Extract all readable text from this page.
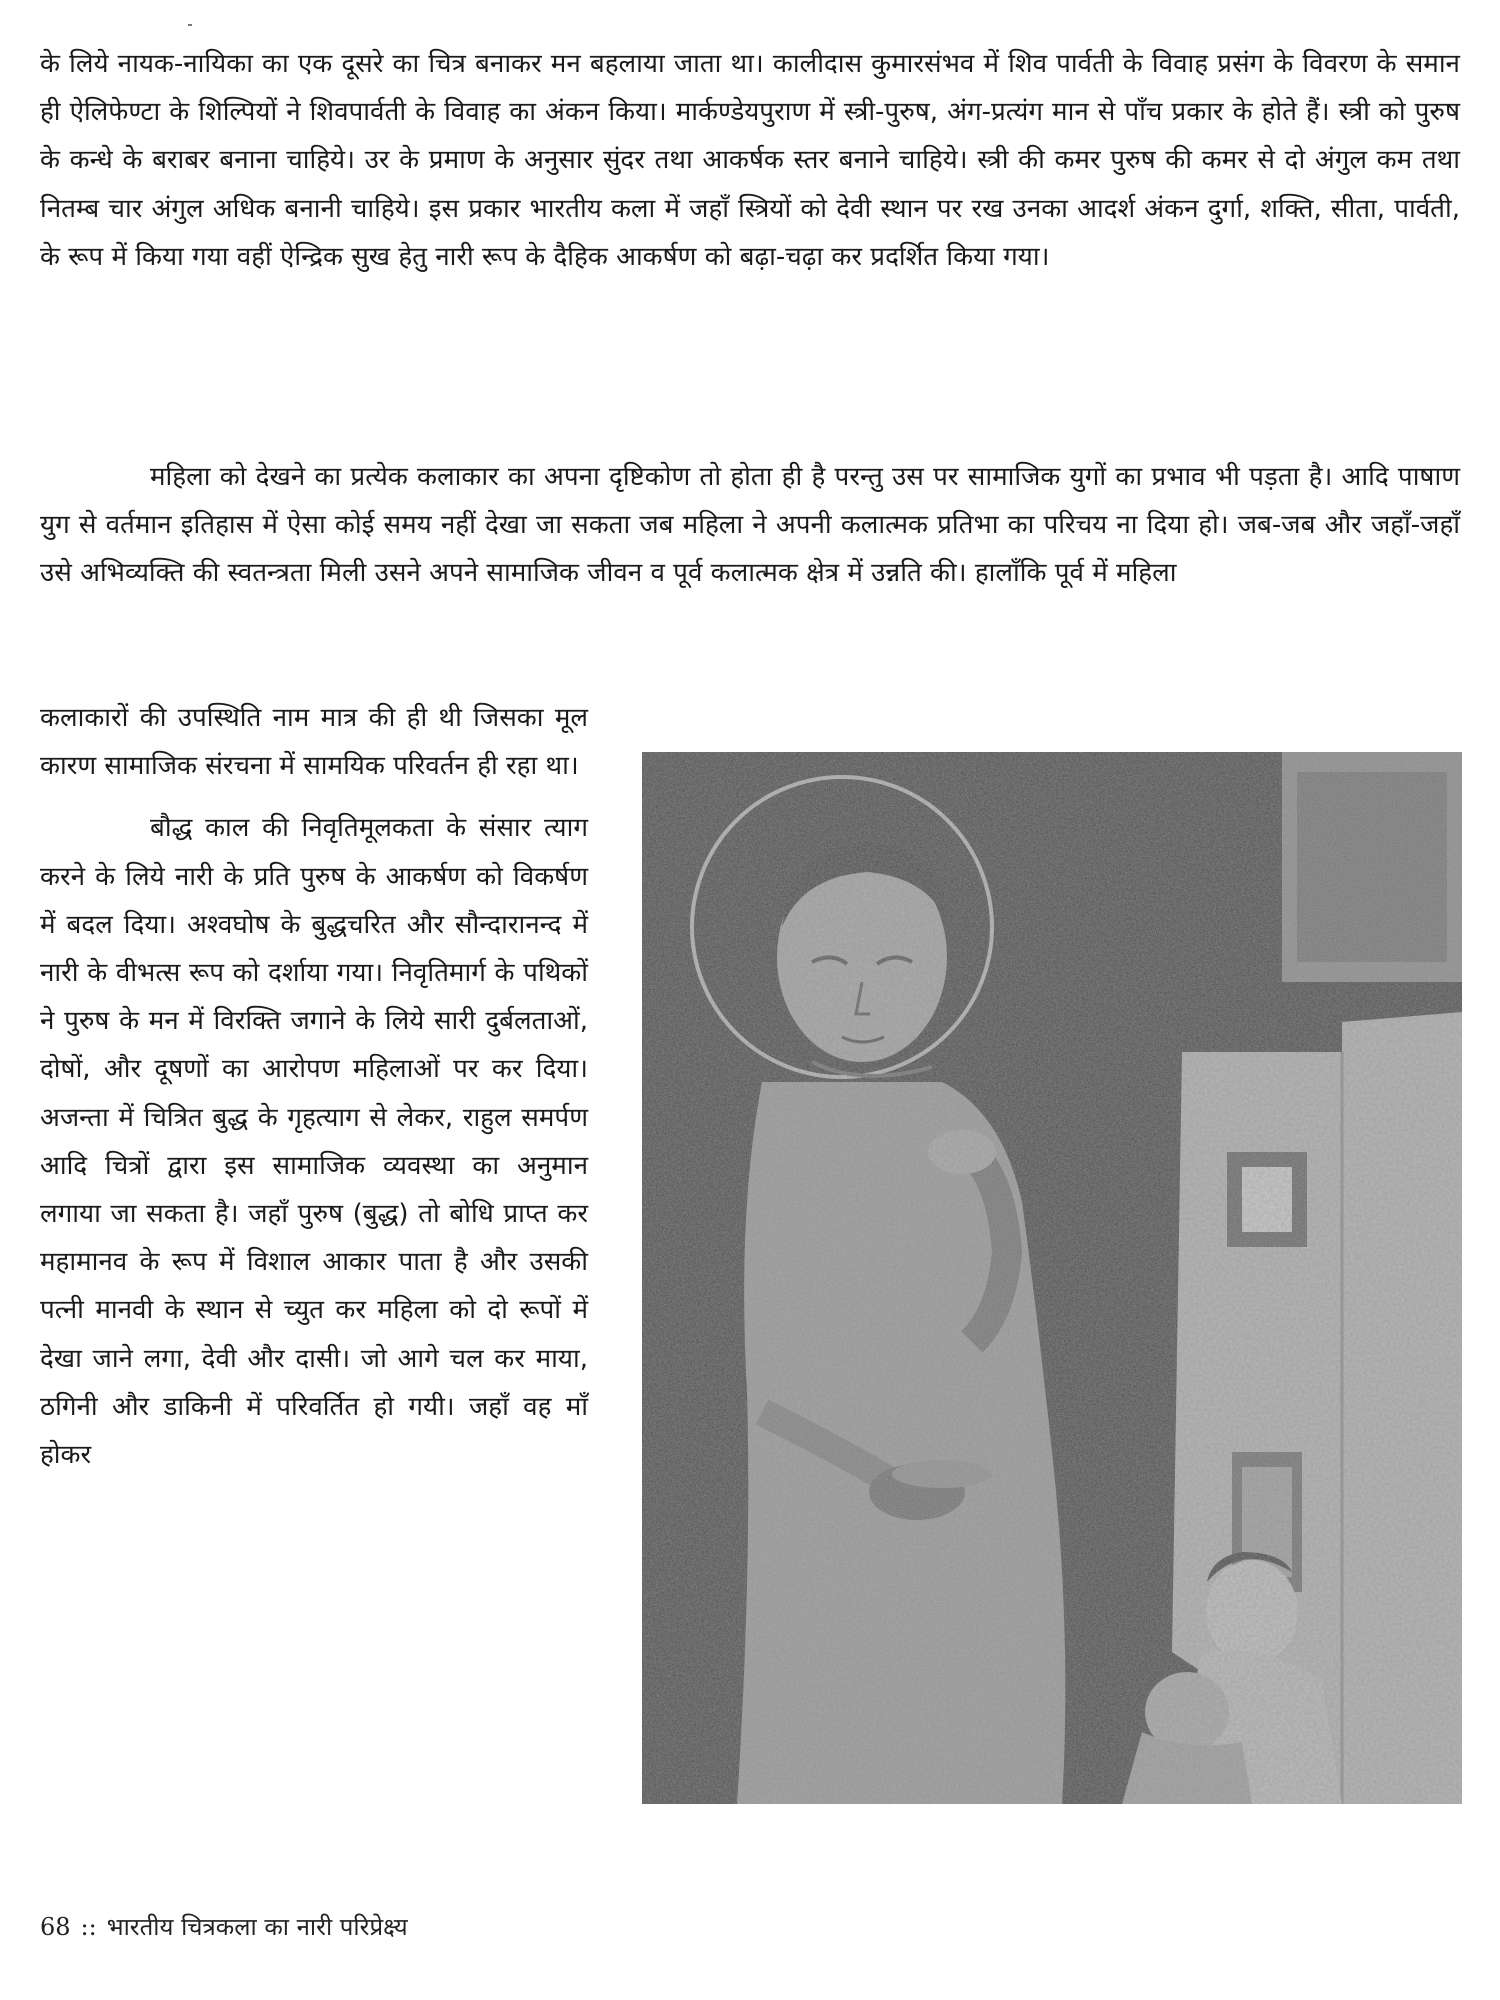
के लिये नायक-नायिका का एक दूसरे का चित्र बनाकर मन बहलाया जाता था। कालीदास कुमारसंभव में शिव पार्वती के विवाह प्रसंग के विवरण के समान ही ऐलिफेण्टा के शिल्पियों ने शिवपार्वती के विवाह का अंकन किया। मार्कण्डेयपुराण में स्त्री-पुरुष, अंग-प्रत्यंग मान से पाँच प्रकार के होते हैं। स्त्री को पुरुष के कन्धे के बराबर बनाना चाहिये। उर के प्रमाण के अनुसार सुंदर तथा आकर्षक स्तर बनाने चाहिये। स्त्री की कमर पुरुष की कमर से दो अंगुल कम तथा नितम्ब चार अंगुल अधिक बनानी चाहिये। इस प्रकार भारतीय कला में जहाँ स्त्रियों को देवी स्थान पर रख उनका आदर्श अंकन दुर्गा, शक्ति, सीता, पार्वती, के रूप में किया गया वहीं ऐन्द्रिक सुख हेतु नारी रूप के दैहिक आकर्षण को बढ़ा-चढ़ा कर प्रदर्शित किया गया।

महिला को देखने का प्रत्येक कलाकार का अपना दृष्टिकोण तो होता ही है परन्तु उस पर सामाजिक युगों का प्रभाव भी पड़ता है। आदि पाषाण युग से वर्तमान इतिहास में ऐसा कोई समय नहीं देखा जा सकता जब महिला ने अपनी कलात्मक प्रतिभा का परिचय ना दिया हो। जब-जब और जहाँ-जहाँ उसे अभिव्यक्ति की स्वतन्त्रता मिली उसने अपने सामाजिक जीवन व पूर्व कलात्मक क्षेत्र में उन्नति की। हालाँकि पूर्व में महिला

कलाकारों की उपस्थिति नाम मात्र की ही थी जिसका मूल कारण सामाजिक संरचना में सामयिक परिवर्तन ही रहा था।

बौद्ध काल की निवृतिमूलकता के संसार त्याग करने के लिये नारी के प्रति पुरुष के आकर्षण को विकर्षण में बदल दिया। अश्वघोष के बुद्धचरित और सौन्दारानन्द में नारी के वीभत्स रूप को दर्शाया गया। निवृतिमार्ग के पथिकों ने पुरुष के मन में विरक्ति जगाने के लिये सारी दुर्बलताओं, दोषों, और दूषणों का आरोपण महिलाओं पर कर दिया। अजन्ता में चित्रित बुद्ध के गृहत्याग से लेकर, राहुल समर्पण आदि चित्रों द्वारा इस सामाजिक व्यवस्था का अनुमान लगाया जा सकता है। जहाँ पुरुष (बुद्ध) तो बोधि प्राप्त कर महामानव के रूप में विशाल आकार पाता है और उसकी पत्नी मानवी के स्थान से च्युत कर महिला को दो रूपों में देखा जाने लगा, देवी और दासी। जो आगे चल कर माया, ठगिनी और डाकिनी में परिवर्तित हो गयी। जहाँ वह माँ होकर

68 :: भारतीय चित्रकला का नारी परिप्रेक्ष्य
